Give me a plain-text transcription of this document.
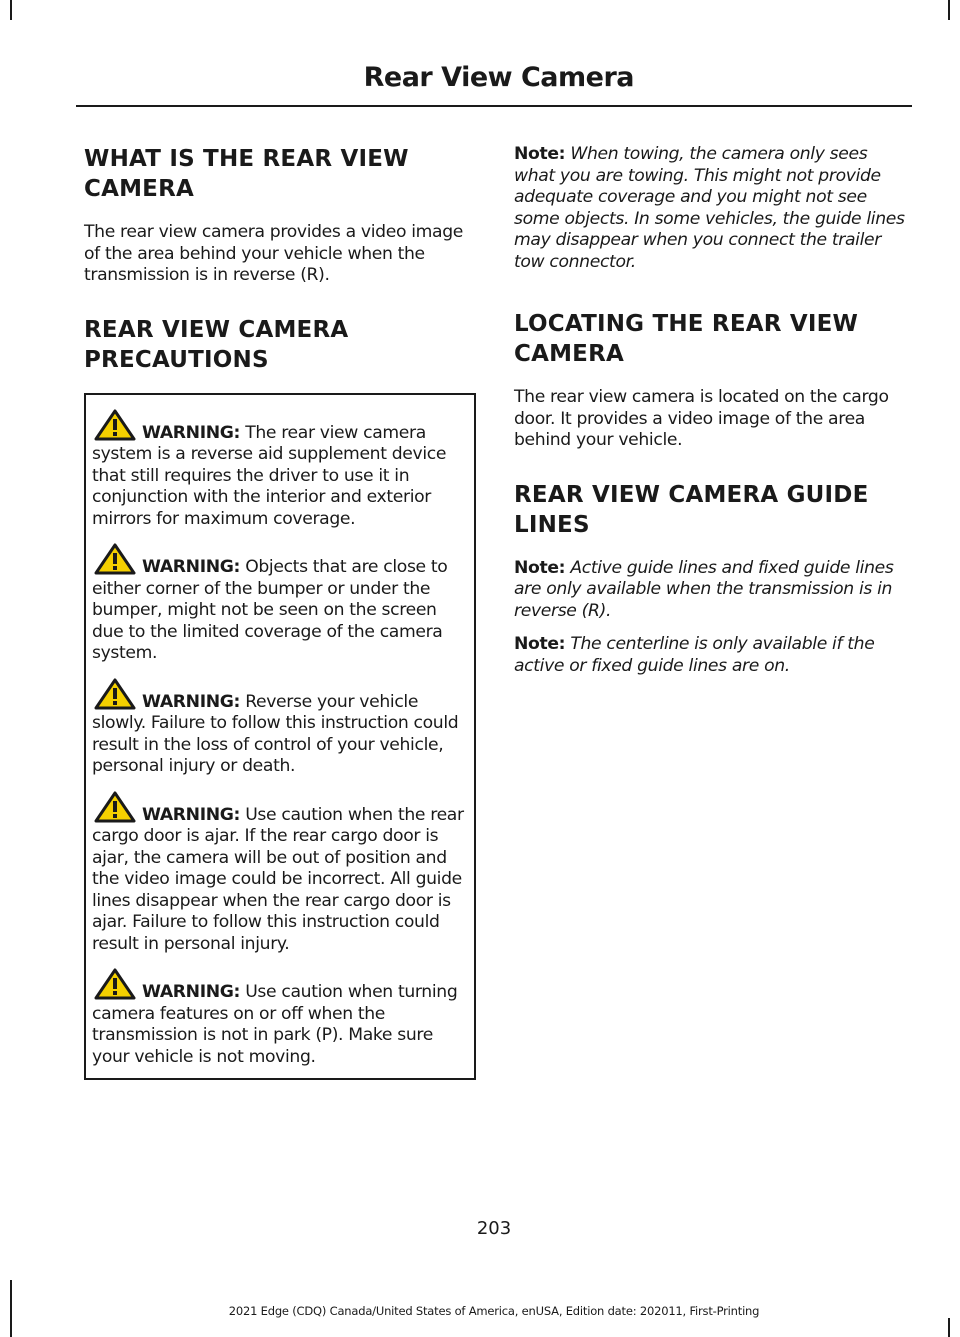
Rear View Camera
WHAT IS THE REAR VIEW CAMERA

The rear view camera provides a video image of the area behind your vehicle when the transmission is in reverse (R).

REAR VIEW CAMERA PRECAUTIONS
WARNING: The rear view camera system is a reverse aid supplement device that still requires the driver to use it in conjunction with the interior and exterior mirrors for maximum coverage.
WARNING: Objects that are close to either corner of the bumper or under the bumper, might not be seen on the screen due to the limited coverage of the camera system.
WARNING: Reverse your vehicle slowly. Failure to follow this instruction could result in the loss of control of your vehicle, personal injury or death.
WARNING: Use caution when the rear cargo door is ajar. If the rear cargo door is ajar, the camera will be out of position and the video image could be incorrect. All guide lines disappear when the rear cargo door is ajar. Failure to follow this instruction could result in personal injury.
WARNING: Use caution when turning camera features on or off when the transmission is not in park (P). Make sure your vehicle is not moving.

Note: When towing, the camera only sees what you are towing. This might not provide adequate coverage and you might not see some objects. In some vehicles, the guide lines may disappear when you connect the trailer tow connector.

LOCATING THE REAR VIEW CAMERA

The rear view camera is located on the cargo door. It provides a video image of the area behind your vehicle.

REAR VIEW CAMERA GUIDE LINES

Note: Active guide lines and fixed guide lines are only available when the transmission is in reverse (R).

Note: The centerline is only available if the active or fixed guide lines are on.

203
2021 Edge (CDQ) Canada/United States of America, enUSA, Edition date: 202011, First-Printing
